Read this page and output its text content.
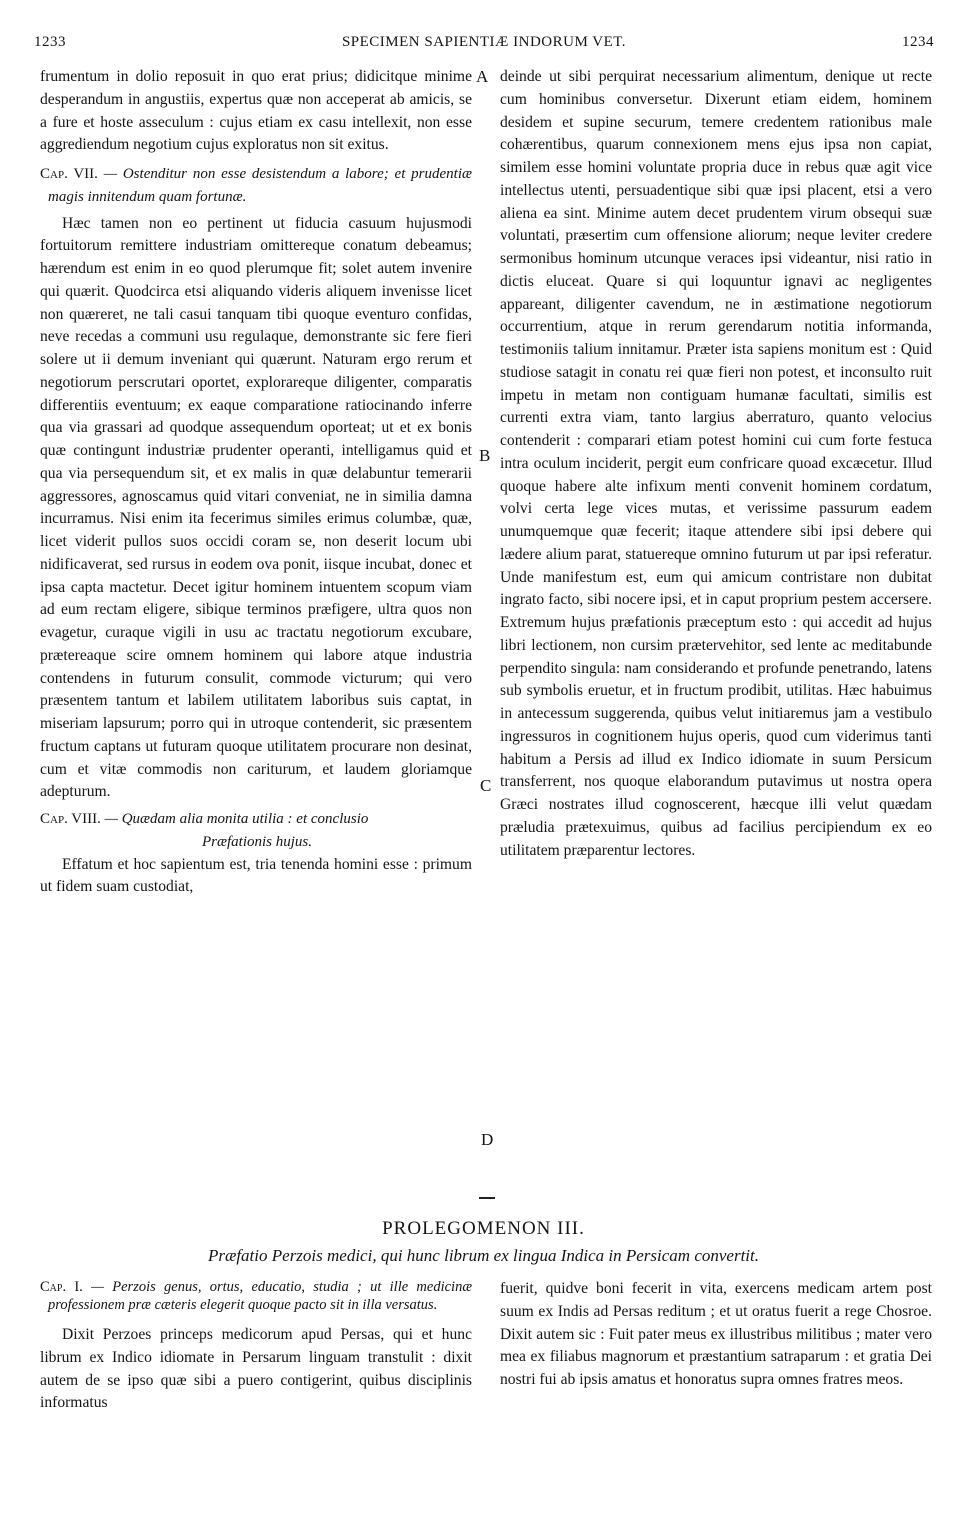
1233	SPECIMEN SAPIENTIÆ INDORUM VET.	1234

frumentum in dolio reposuit in quo erat prius; didicitque minime desperandum in angustiis, expertus quæ non acceperat ab amicis, se a fure et hoste asseculum : cujus etiam ex casu intellexit, non esse aggrediendum negotium cujus exploratus non sit exitus.

Cap. VII. — Ostenditur non esse desistendum a labore; et prudentiæ magis innitendum quam fortunæ.

Hæc tamen non eo pertinent ut fiducia casuum hujusmodi fortuitorum remittere industriam omittereque conatum debeamus; hærendum est enim in eo quod plerumque fit; solet autem invenire qui quærit. Quodcirca etsi aliquando videris aliquem invenisse licet non quæreret, ne tali casui tanquam tibi quoque eventuro confidas, neve recedas a communi usu regulaque, demonstrante sic fere fieri solere ut ii demum inveniant qui quærunt. Naturam ergo rerum et negotiorum perscrutari oportet, explorareque diligenter, comparatis differentiis eventuum; ex eaque comparatione ratiocinando inferre qua via grassari ad quodque assequendum oporteat; ut et ex bonis quæ contingunt industriæ prudenter operanti, intelligamus quid et qua via persequendum sit, et ex malis in quæ delabuntur temerarii aggressores, agnoscamus quid vitari conveniat, ne in similia damna incurramus. Nisi enim ita fecerimus similes erimus columbæ, quæ, licet viderit pullos suos occidi coram se, non deserit locum ubi nidificaverat, sed rursus in eodem ova ponit, iisque incubat, donec et ipsa capta mactetur. Decet igitur hominem intuentem scopum viam ad eum rectam eligere, sibique terminos præfigere, ultra quos non evagetur, curaque vigili in usu ac tractatu negotiorum excubare, prætereaque scire omnem hominem qui labore atque industria contendens in futurum consulit, commode victurum; qui vero præsentem tantum et labilem utilitatem laboribus suis captat, in miseriam lapsurum; porro qui in utroque contenderit, sic præsentem fructum captans ut futuram quoque utilitatem procurare non desinat, cum et vitæ commodis non cariturum, et laudem gloriamque adepturum.

Cap. VIII. — Quædam alia monita utilia : et conclusio
Præfationis hujus.

Effatum et hoc sapientum est, tria tenenda homini esse : primum ut fidem suam custodiat,

deinde ut sibi perquirat necessarium alimentum, denique ut recte cum hominibus conversetur. Dixerunt etiam eidem, hominem desidem et supine securum, temere credentem rationibus male cohærentibus, quarum connexionem mens ejus ipsa non capiat, similem esse homini voluntate propria duce in rebus quæ agit vice intellectus utenti, persuadentique sibi quæ ipsi placent, etsi a vero aliena ea sint. Minime autem decet prudentem virum obsequi suæ voluntati, præsertim cum offensione aliorum; neque leviter credere sermonibus hominum utcunque veraces ipsi videantur, nisi ratio in dictis eluceat. Quare si qui loquuntur ignavi ac negligentes appareant, diligenter cavendum, ne in æstimatione negotiorum occurrentium, atque in rerum gerendarum notitia informanda, testimoniis talium innitamur. Præter ista sapiens monitum est : Quid studiose satagit in conatu rei quæ fieri non potest, et inconsulto ruit impetu in metam non contiguam humanæ facultati, similis est currenti extra viam, tanto largius aberraturo, quanto velocius contenderit : comparari etiam potest homini cui cum forte festuca intra oculum inciderit, pergit eum confricare quoad excæcetur. Illud quoque habere alte infixum menti convenit hominem cordatum, volvi certa lege vices mutas, et verissime passurum eadem unumquemque quæ fecerit; itaque attendere sibi ipsi debere qui lædere alium parat, statuereque omnino futurum ut par ipsi referatur. Unde manifestum est, eum qui amicum contristare non dubitat ingrato facto, sibi nocere ipsi, et in caput proprium pestem accersere. Extremum hujus præfationis præceptum esto : qui accedit ad hujus libri lectionem, non cursim prætervehitor, sed lente ac meditabunde perpendito singula: nam considerando et profunde penetrando, latens sub symbolis eruetur, et in fructum prodibit, utilitas. Hæc habuimus in antecessum suggerenda, quibus velut initiaremus jam a vestibulo ingressuros in cognitionem hujus operis, quod cum viderimus tanti habitum a Persis ad illud ex Indico idiomate in suum Persicum transferrent, nos quoque elaborandum putavimus ut nostra opera Græci nostrates illud cognoscerent, hæcque illi velut quædam præludia prætexuimus, quibus ad facilius percipiendum ex eo utilitatem præparentur lectores.

A
B
C
D
PROLEGOMENON III.
Præfatio Perzois medici, qui hunc librum ex lingua Indica in Persicam convertit.

Cap. I. — Perzois genus, ortus, educatio, studia ; ut ille medicinæ professionem præ cæteris elegerit quoque pacto sit in illa versatus.

Dixit Perzoes princeps medicorum apud Persas, qui et hunc librum ex Indico idiomate in Persarum linguam transtulit : dixit autem de se ipso quæ sibi a puero contigerint, quibus disciplinis informatus

fuerit, quidve boni fecerit in vita, exercens medicam artem post suum ex Indis ad Persas reditum ; et ut oratus fuerit a rege Chosroe. Dixit autem sic : Fuit pater meus ex illustribus militibus ; mater vero mea ex filiabus magnorum et præstantium satraparum : et gratia Dei nostri fui ab ipsis amatus et honoratus supra omnes fratres meos.
